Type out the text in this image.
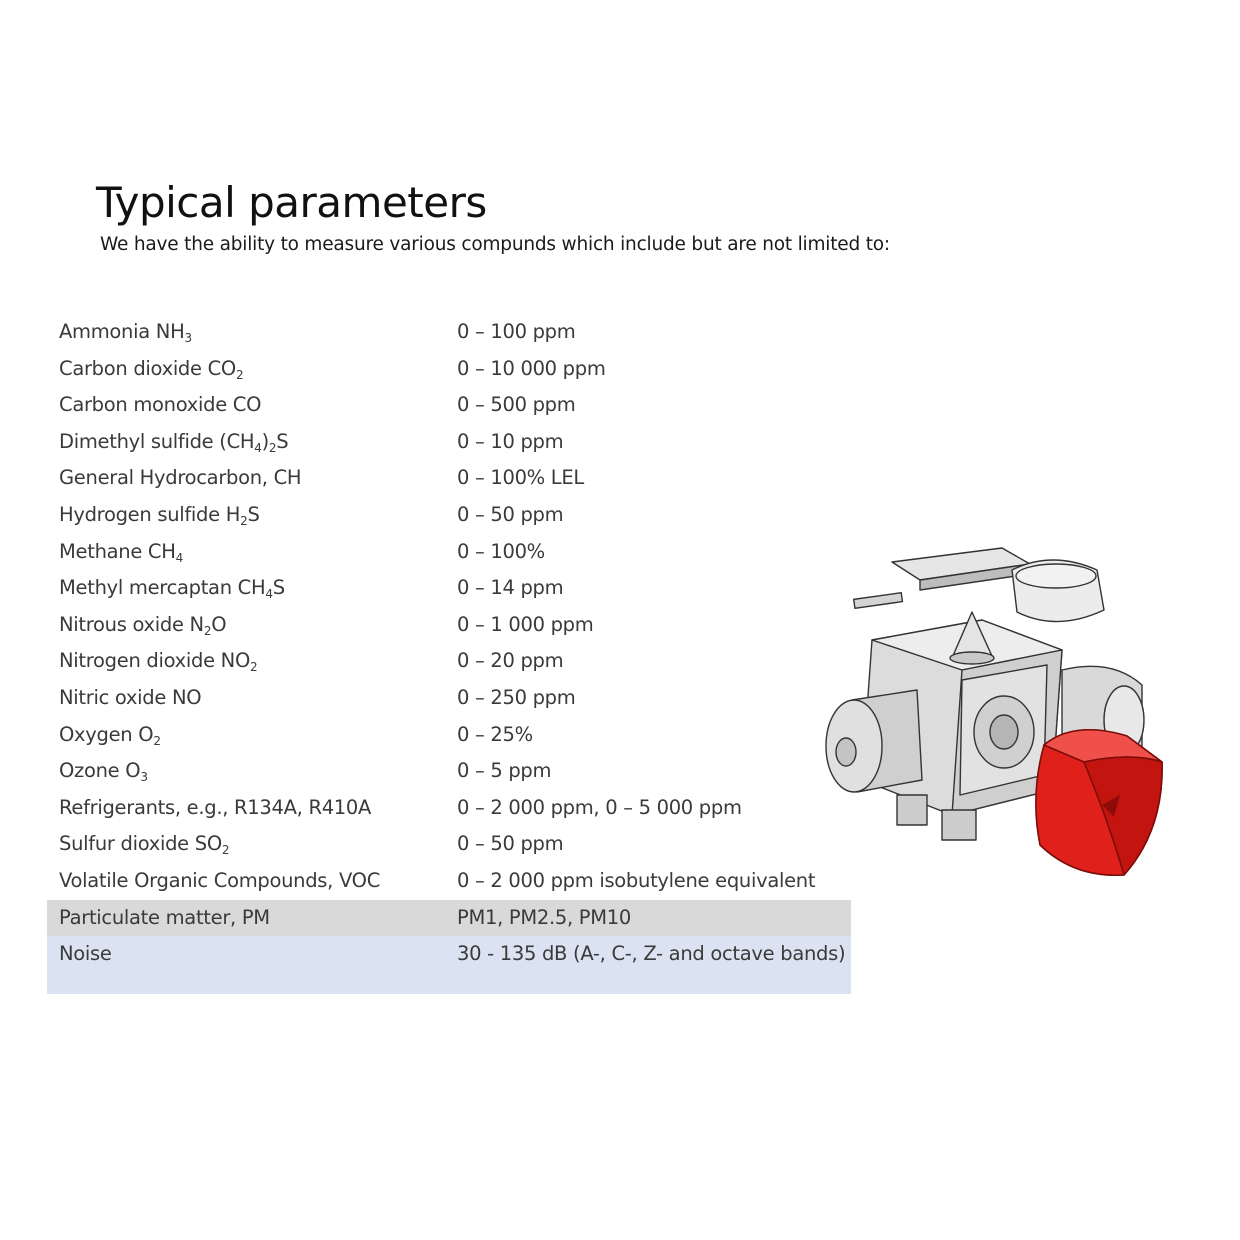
Typical parameters
We have the ability to measure various compunds which include but are not limited to:
Ammonia $NH_3$	0 – 100 ppm
Carbon dioxide $CO_2$	0 – 10 000 ppm
Carbon monoxide CO	0 – 500 ppm
Dimethyl sulfide $(CH_4)_2S$	0 – 10 ppm
General Hydrocarbon, CH	0 – 100% LEL
Hydrogen sulfide $H_2S$	0 – 50 ppm
Methane $CH_4$	0 – 100%
Methyl mercaptan $CH_4S$	0 – 14 ppm
Nitrous oxide $N_2O$	0 – 1 000 ppm
Nitrogen dioxide $NO_2$	0 – 20 ppm
Nitric oxide NO	0 – 250 ppm
Oxygen $O_2$	0 – 25%
Ozone $O_3$	0 – 5 ppm
Refrigerants, e.g., R134A, R410A	0 – 2 000 ppm, 0 – 5 000 ppm
Sulfur dioxide $SO_2$	0 – 50 ppm
Volatile Organic Compounds, VOC	0 – 2 000 ppm isobutylene equivalent
Particulate matter, PM	PM1, PM2.5, PM10
Noise	30 - 135 dB (A-, C-, Z- and octave bands)
